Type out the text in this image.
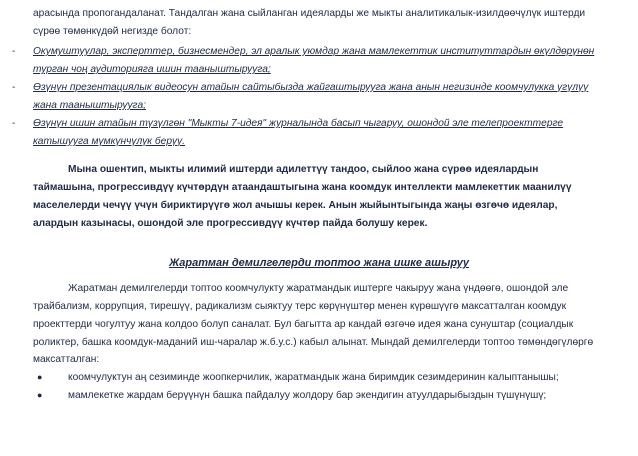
арасында пропогандаланат. Тандалган жана сыйланган идеяларды же мыкты аналитикалык-изилдөөчүлүк иштерди
сүрөө төмөнкүдөй негизде болот:
- Окумуштуулар, эксперттер, бизнесмендер, эл аралык уюмдар жана мамлекеттик институттардын өкүлдөрүнөн
турган чоң аудиторияга ишин тааныштырууга;
- Өзүнүн презентациялык видеосун атайын сайтыбызда жайгаштырууга жана анын негизинде коомчулукка үгүлүү
жана тааныштырууга;
- Өзүнүн ишин атайын түзүлгөн "Мыкты 7-идея" журналында басып чыгаруу, ошондой эле телепроекттерге
катышууга мүмкүнчүлүк берүү.
Мына ошентип, мыкты илимий иштерди адилеттүү тандоо, сыйлоо жана сүрөө идеялардын
таймашына, прогрессивдүү күчтөрдүн атаандаштыгына жана коомдук интеллекти мамлекеттик маанилүү
маселелерди чечүү үчүн бириктирүүгө жол ачышы керек. Анын жыйынтыгында жаңы өзгөчө идеялар,
алардын казынасы, ошондой эле прогрессивдүү күчтөр пайда болушу керек.
Жаратман демилгелерди топтоо жана ишке ашыруу
Жаратман демилгелерди топтоо коомчулукту жаратмандык иштерге чакыруу жана үндөөгө, ошондой эле
трайбализм, коррупция, тирешүү, радикализм сыяктуу терс көрүнүштөр менен күрөшүүгө максатталган коомдук
проекттерди чогултуу жана колдоо болуп саналат. Бул багытта ар кандай өзгөчө идея жана сунуштар (социалдык
роликтер, башка коомдук-маданий иш-чаралар ж.б.у.с.) кабыл алынат. Мындай демилгелерди топтоо төмөндөгүлөргө
максатталган:
●	коомчулуктун аң сезиминде жоопкерчилик, жаратмандык жана биримдик сезимдеринин калыптанышы;
●	мамлекетке жардам берүүнүн башка пайдалуу жолдору бар экендигин атуулдарыбыздын түшүнүшү;
